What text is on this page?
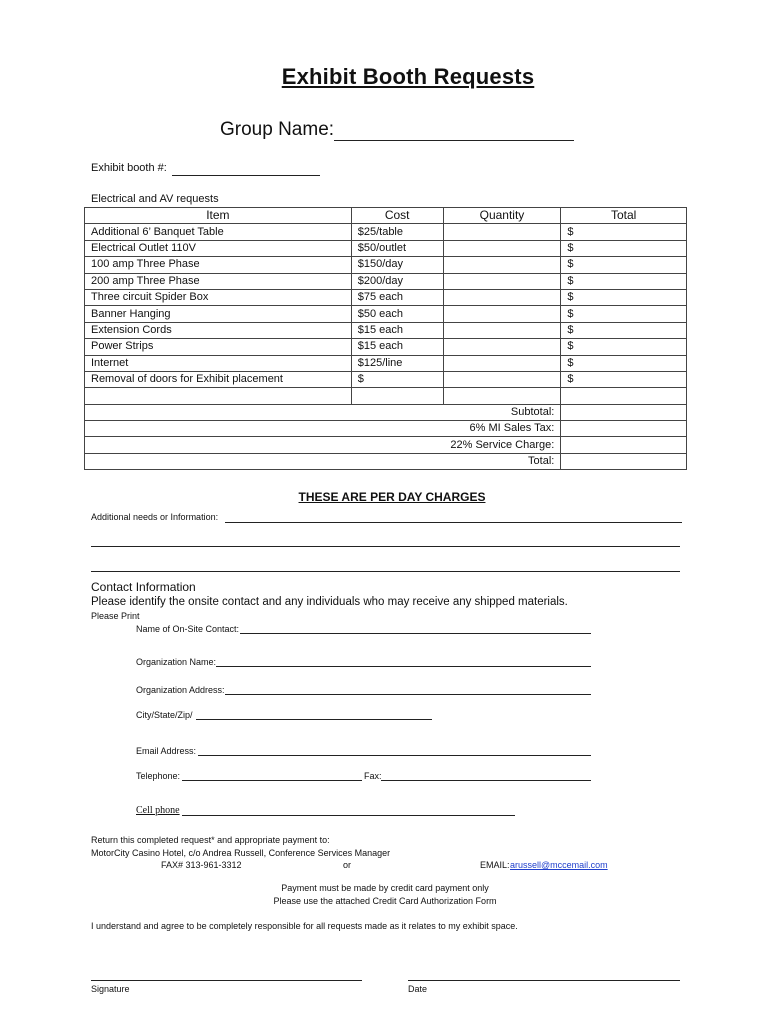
Exhibit Booth Requests
Group Name:
Exhibit booth #:
Electrical and AV requests
Item	Cost	Quantity	Total
Additional 6’ Banquet Table	$25/table		$
Electrical Outlet 110V	$50/outlet		$
100 amp Three Phase	$150/day		$
200 amp Three Phase	$200/day		$
Three circuit Spider Box	$75 each		$
Banner Hanging	$50 each		$
Extension Cords	$15 each		$
Power Strips	$15 each		$
Internet	$125/line		$
Removal of doors for Exhibit placement	$		$

Subtotal:			
6% MI Sales Tax:			
22% Service Charge:			
Total:			
THESE ARE PER DAY CHARGES
Additional needs or Information:
Contact Information
Please identify the onsite contact and any individuals who may receive any shipped materials.
Please Print
Name of On-Site Contact:
Organization Name:
Organization Address:
City/State/Zip/
Email Address:
Telephone:	Fax:
Cell phone
Return this completed request* and appropriate payment to:
MotorCity Casino Hotel, c/o Andrea Russell, Conference Services Manager
FAX# 313-961-3312	or	EMAIL: arussell@mccemail.com
Payment must be made by credit card payment only
Please use the attached Credit Card Authorization Form
I understand and agree to be completely responsible for all requests made as it relates to my exhibit space.
Signature	Date
